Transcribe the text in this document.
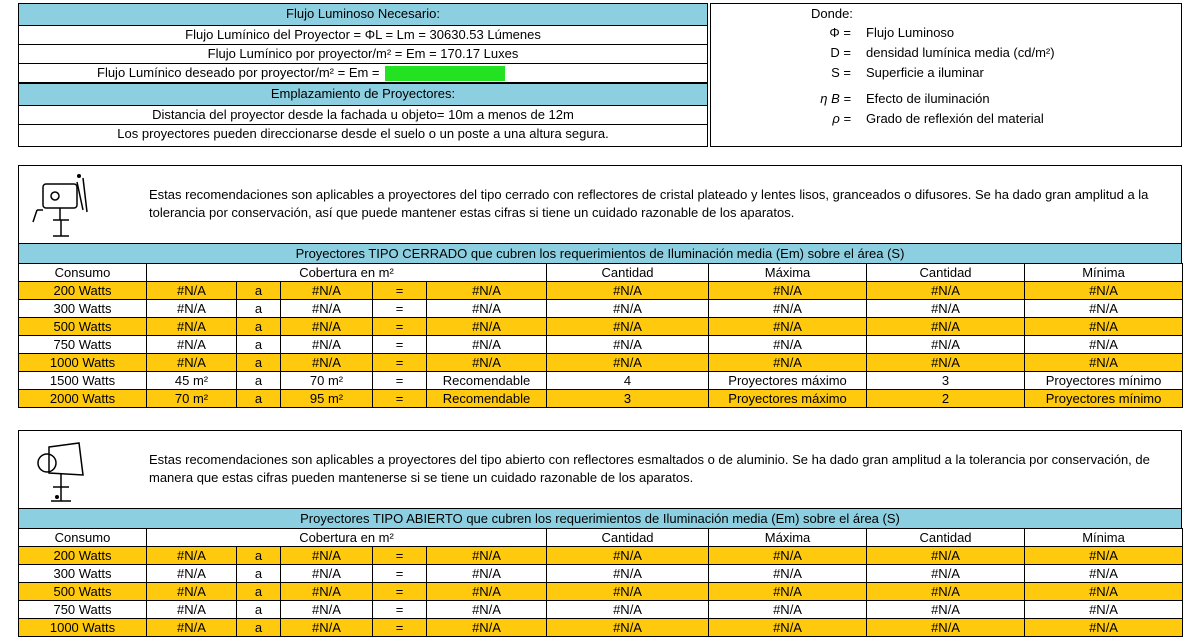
Flujo Luminoso Necesario:
Flujo Lumínico del Proyector = ΦL = Lm = 30630.53 Lúmenes
Flujo Lumínico por proyector/m² = Em = 170.17 Luxes
Flujo Lumínico deseado por proyector/m² = Em =
Emplazamiento de Proyectores:
Distancia del proyector desde la fachada u objeto= 10m a menos de 12m
Los proyectores pueden direccionarse desde el suelo o un poste a una altura segura.
Donde:
Φ = Flujo Luminoso
D = densidad lumínica media (cd/m²)
S = Superficie a iluminar
η B = Efecto de iluminación
ρ = Grado de reflexión del material
Estas recomendaciones son aplicables a proyectores del tipo cerrado con reflectores de cristal plateado y lentes lisos, granceados o difusores. Se ha dado gran amplitud a la tolerancia por conservación, así que puede mantener estas cifras si tiene un cuidado razonable de los aparatos.
Proyectores TIPO CERRADO que cubren los requerimientos de Iluminación media (Em) sobre el área (S)
Consumo	Cobertura en m²					Cantidad	Máxima	Cantidad	Mínima
200 Watts	#N/A	a	#N/A	=	#N/A	#N/A	#N/A	#N/A	#N/A
300 Watts	#N/A	a	#N/A	=	#N/A	#N/A	#N/A	#N/A	#N/A
500 Watts	#N/A	a	#N/A	=	#N/A	#N/A	#N/A	#N/A	#N/A
750 Watts	#N/A	a	#N/A	=	#N/A	#N/A	#N/A	#N/A	#N/A
1000 Watts	#N/A	a	#N/A	=	#N/A	#N/A	#N/A	#N/A	#N/A
1500 Watts	45 m²	a	70 m²	=	Recomendable	4	Proyectores máximo	3	Proyectores mínimo
2000 Watts	70 m²	a	95 m²	=	Recomendable	3	Proyectores máximo	2	Proyectores mínimo
Estas recomendaciones son aplicables a proyectores del tipo abierto con reflectores esmaltados o de aluminio. Se ha dado gran amplitud a la tolerancia por conservación, de manera que estas cifras pueden mantenerse si se tiene un cuidado razonable de los aparatos.
Proyectores TIPO ABIERTO que cubren los requerimientos de Iluminación media (Em) sobre el área (S)
Consumo	Cobertura en m²					Cantidad	Máxima	Cantidad	Mínima
200 Watts	#N/A	a	#N/A	=	#N/A	#N/A	#N/A	#N/A	#N/A
300 Watts	#N/A	a	#N/A	=	#N/A	#N/A	#N/A	#N/A	#N/A
500 Watts	#N/A	a	#N/A	=	#N/A	#N/A	#N/A	#N/A	#N/A
750 Watts	#N/A	a	#N/A	=	#N/A	#N/A	#N/A	#N/A	#N/A
1000 Watts	#N/A	a	#N/A	=	#N/A	#N/A	#N/A	#N/A	#N/A
